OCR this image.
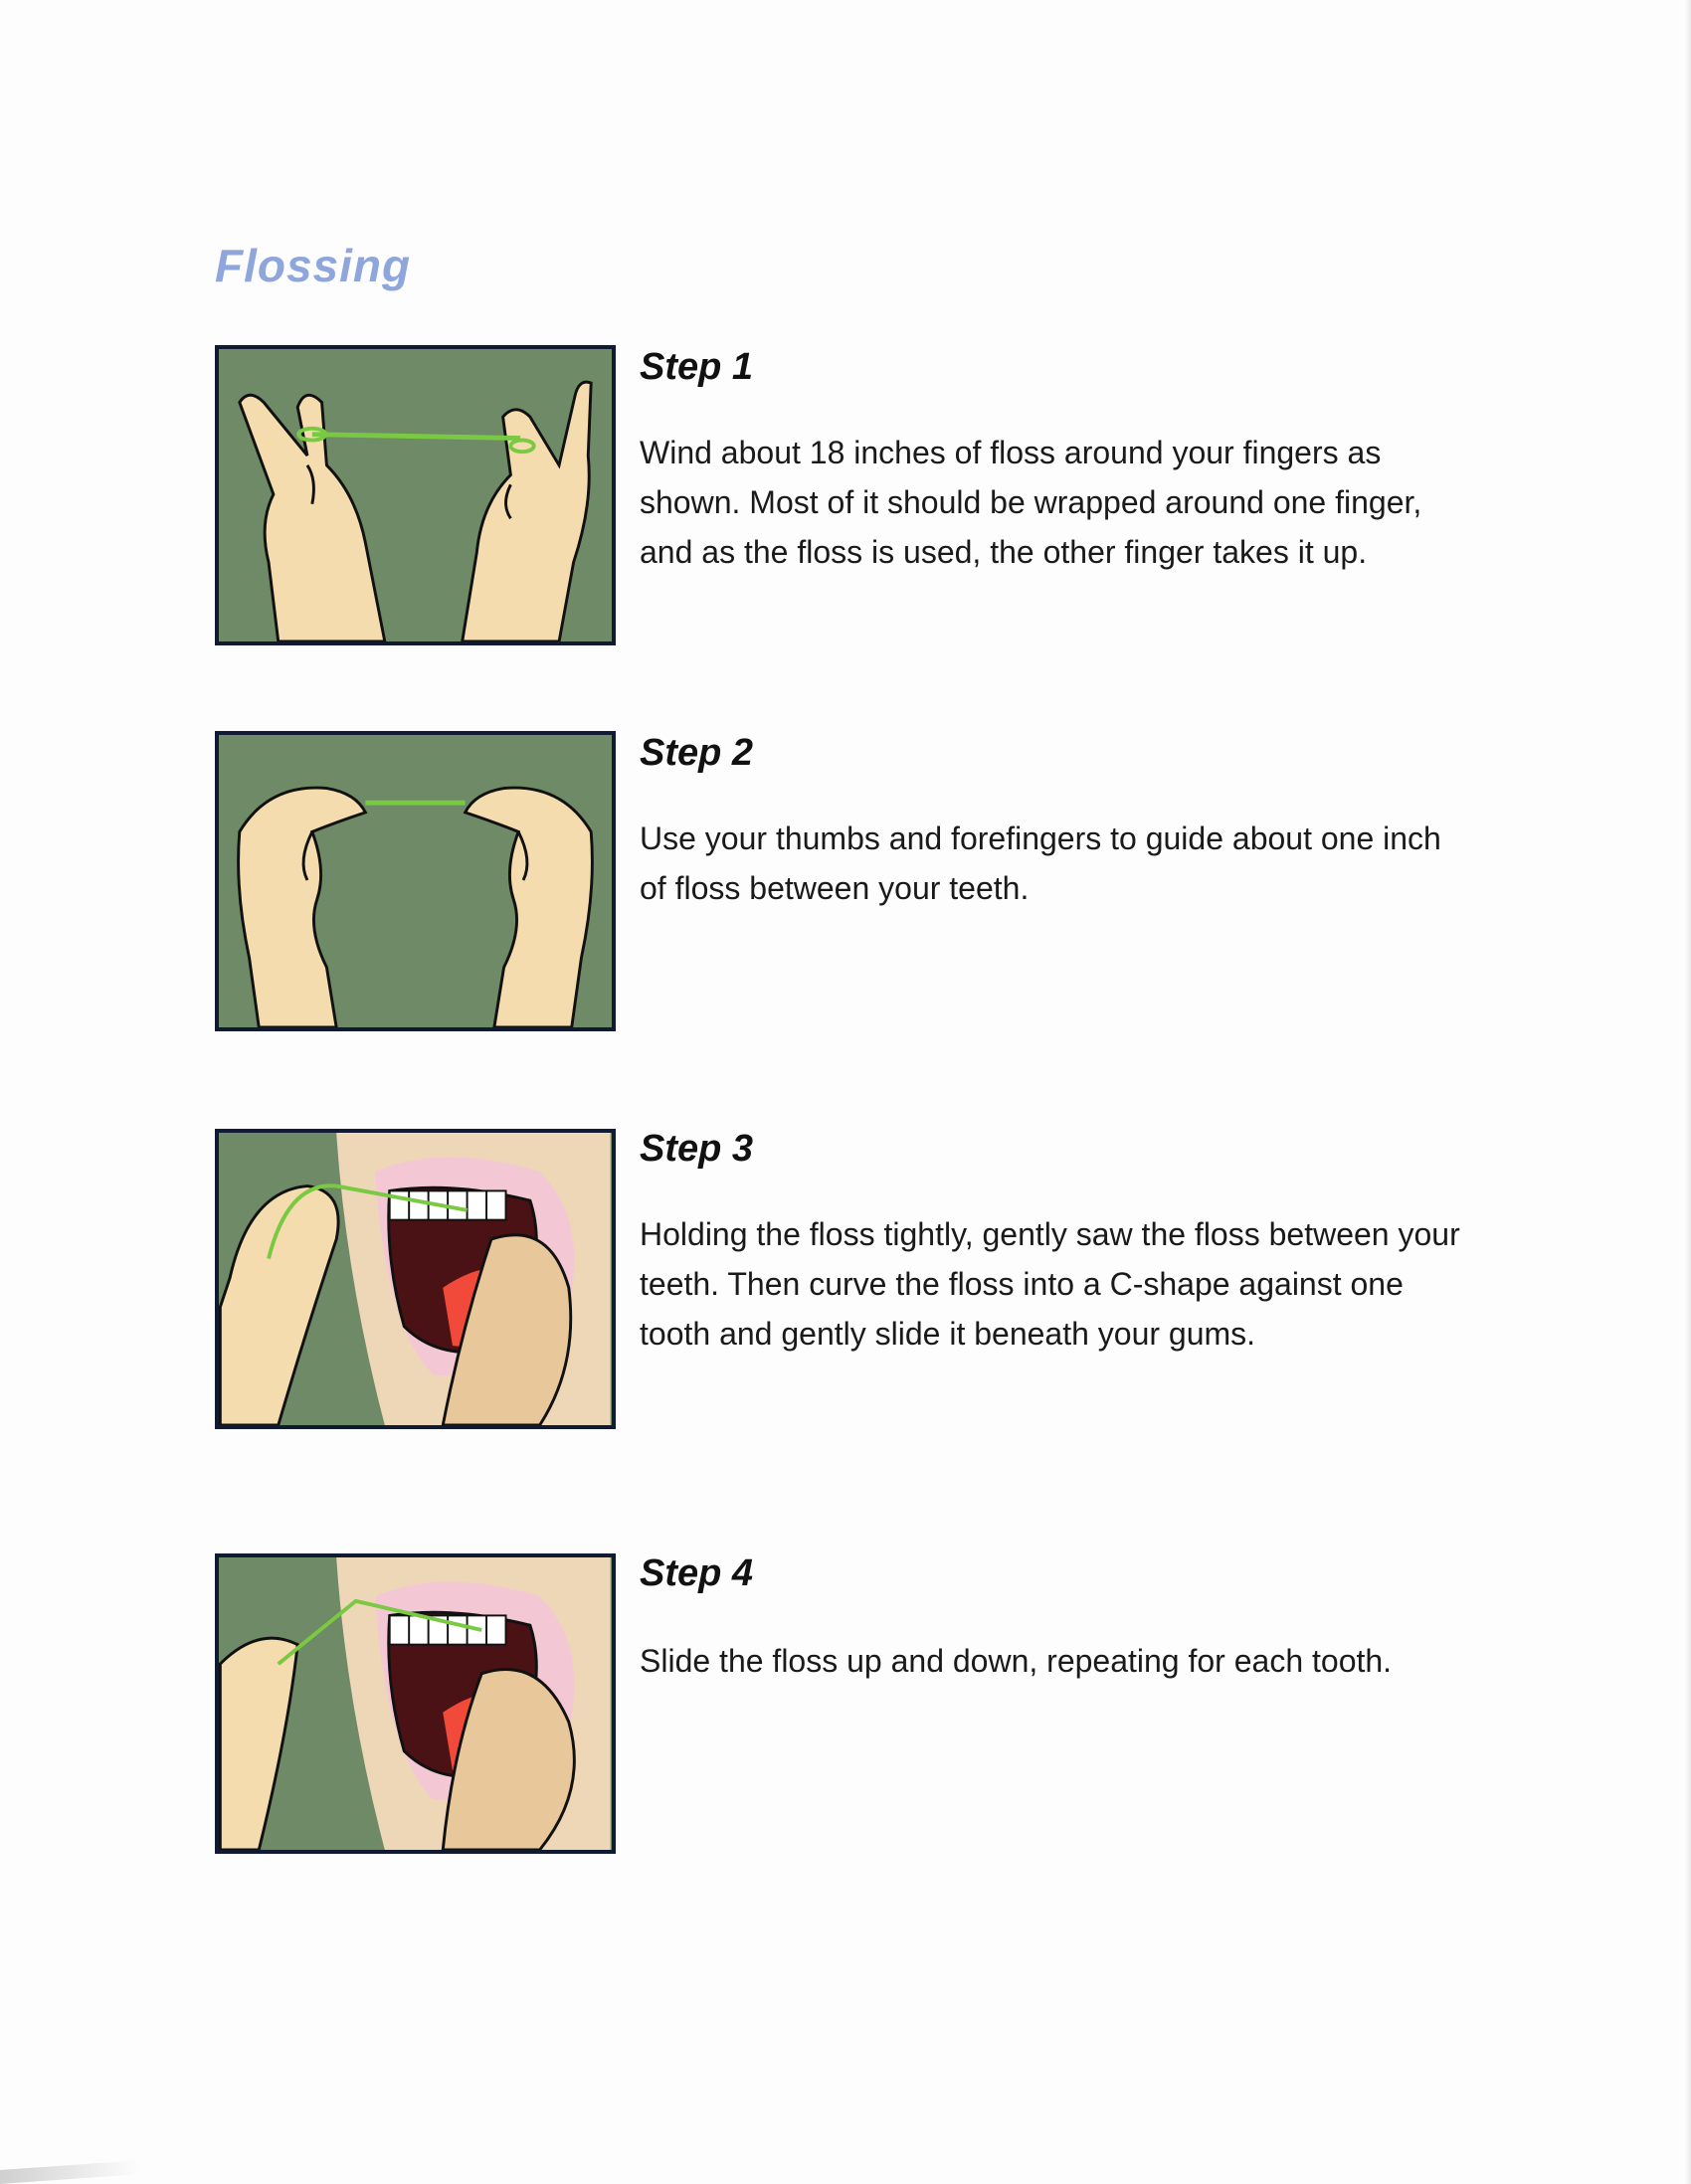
Flossing
Step 1
Wind about 18 inches of floss around your fingers as shown. Most of it should be wrapped around one finger, and as the floss is used, the other finger takes it up.
Step 2
Use your thumbs and forefingers to guide about one inch of floss between your teeth.
Step 3
Holding the floss tightly, gently saw the floss between your teeth. Then curve the floss into a C-shape against one tooth and gently slide it beneath your gums.
Step 4
Slide the floss up and down, repeating for each tooth.
